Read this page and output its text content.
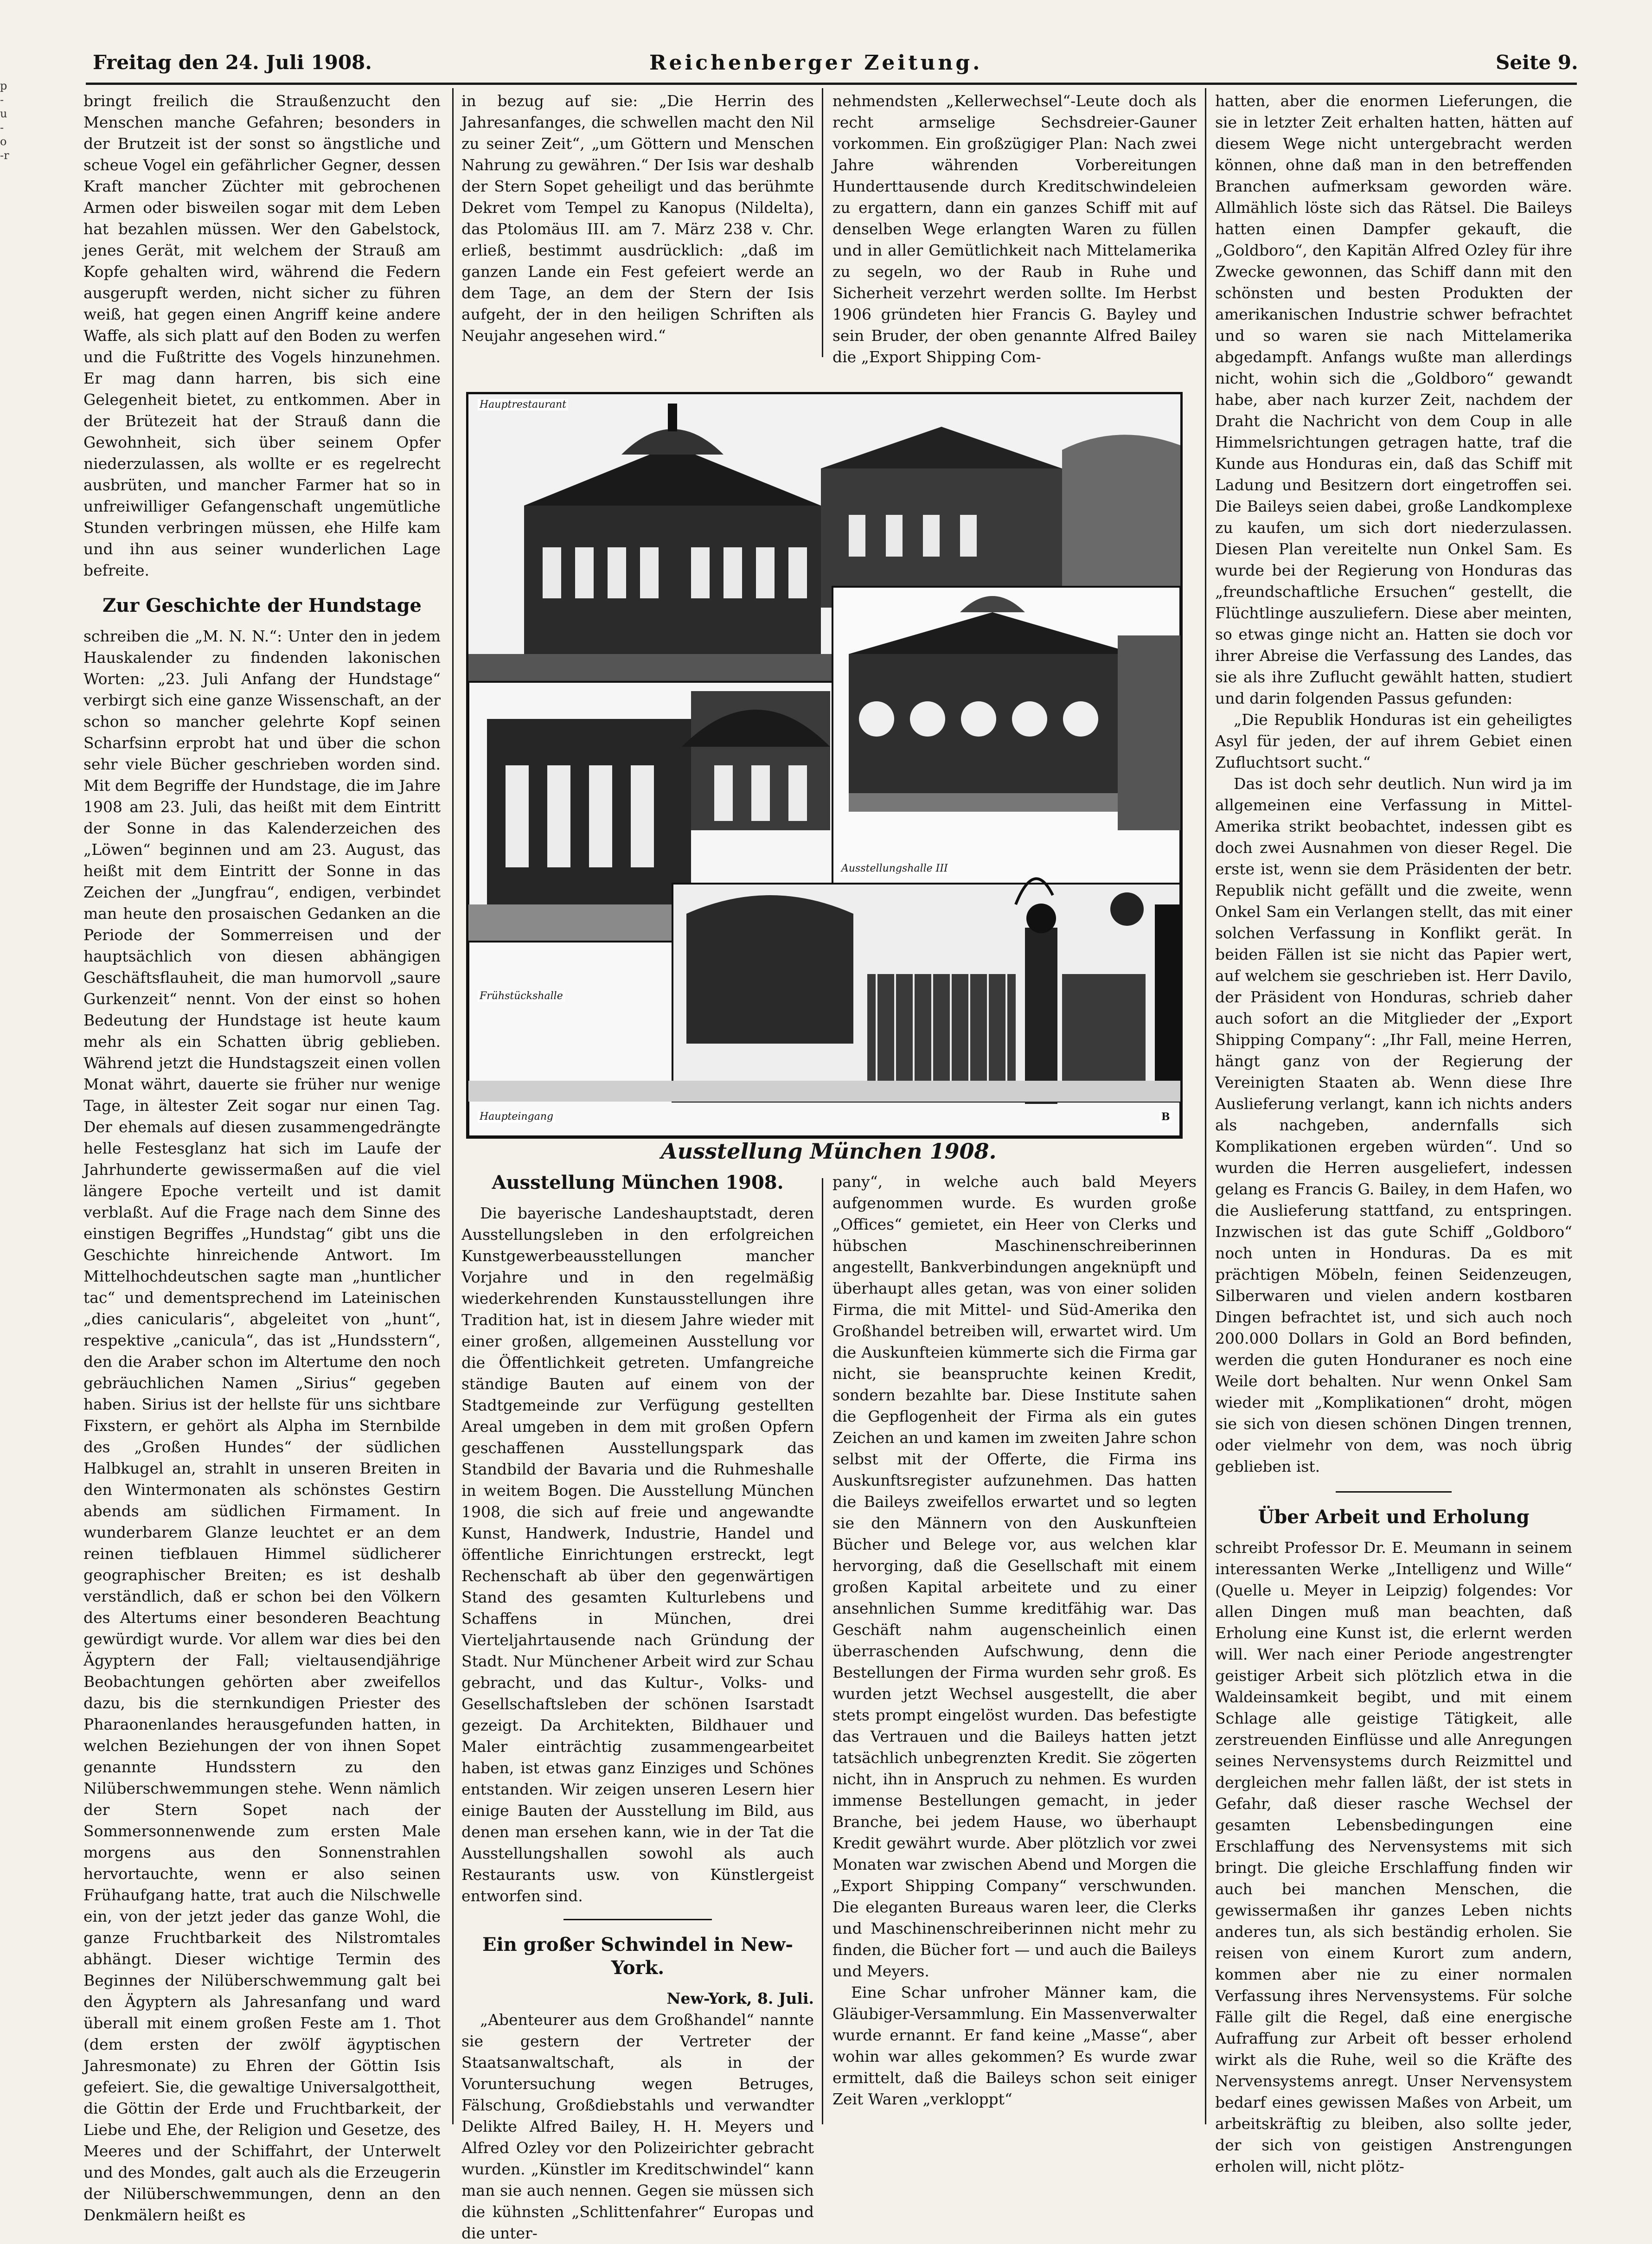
p-u-o-r
Freitag den 24. Juli 1908.	Reichenberger Zeitung.	Seite 9.

bringt freilich die Straußenzucht den Menschen manche Gefahren; besonders in der Brutzeit ist der sonst so ängstliche und scheue Vogel ein gefährlicher Gegner, dessen Kraft mancher Züchter mit gebrochenen Armen oder bisweilen sogar mit dem Leben hat bezahlen müssen. Wer den Gabelstock, jenes Gerät, mit welchem der Strauß am Kopfe gehalten wird, während die Federn ausgerupft werden, nicht sicher zu führen weiß, hat gegen einen Angriff keine andere Waffe, als sich platt auf den Boden zu werfen und die Fußtritte des Vogels hinzunehmen. Er mag dann harren, bis sich eine Gelegenheit bietet, zu entkommen. Aber in der Brütezeit hat der Strauß dann die Gewohnheit, sich über seinem Opfer niederzulassen, als wollte er es regelrecht ausbrüten, und mancher Farmer hat so in unfreiwilliger Gefangenschaft ungemütliche Stunden verbringen müssen, ehe Hilfe kam und ihn aus seiner wunderlichen Lage befreite.

Zur Geschichte der Hundstage

schreiben die „M. N. N.“: Unter den in jedem Hauskalender zu findenden lakonischen Worten: „23. Juli Anfang der Hundstage“ verbirgt sich eine ganze Wissenschaft, an der schon so mancher gelehrte Kopf seinen Scharfsinn erprobt hat und über die schon sehr viele Bücher geschrieben worden sind. Mit dem Begriffe der Hundstage, die im Jahre 1908 am 23. Juli, das heißt mit dem Eintritt der Sonne in das Kalenderzeichen des „Löwen“ beginnen und am 23. August, das heißt mit dem Eintritt der Sonne in das Zeichen der „Jungfrau“, endigen, verbindet man heute den prosaischen Gedanken an die Periode der Sommerreisen und der hauptsächlich von diesen abhängigen Geschäftsflauheit, die man humorvoll „saure Gurkenzeit“ nennt. Von der einst so hohen Bedeutung der Hundstage ist heute kaum mehr als ein Schatten übrig geblieben. Während jetzt die Hundstagszeit einen vollen Monat währt, dauerte sie früher nur wenige Tage, in ältester Zeit sogar nur einen Tag. Der ehemals auf diesen zusammengedrängte helle Festesglanz hat sich im Laufe der Jahrhunderte gewissermaßen auf die viel längere Epoche verteilt und ist damit verblaßt. Auf die Frage nach dem Sinne des einstigen Begriffes „Hundstag“ gibt uns die Geschichte hinreichende Antwort. Im Mittelhochdeutschen sagte man „huntlicher tac“ und dementsprechend im Lateinischen „dies canicularis“, abgeleitet von „hunt“, respektive „canicula“, das ist „Hundsstern“, den die Araber schon im Altertume den noch gebräuchlichen Namen „Sirius“ gegeben haben. Sirius ist der hellste für uns sichtbare Fixstern, er gehört als Alpha im Sternbilde des „Großen Hundes“ der südlichen Halbkugel an, strahlt in unseren Breiten in den Wintermonaten als schönstes Gestirn abends am südlichen Firmament. In wunderbarem Glanze leuchtet er an dem reinen tiefblauen Himmel südlicherer geographischer Breiten; es ist deshalb verständlich, daß er schon bei den Völkern des Altertums einer besonderen Beachtung gewürdigt wurde. Vor allem war dies bei den Ägyptern der Fall; vieltausendjährige Beobachtungen gehörten aber zweifellos dazu, bis die sternkundigen Priester des Pharaonenlandes herausgefunden hatten, in welchen Beziehungen der von ihnen Sopet genannte Hundsstern zu den Nilüberschwemmungen stehe. Wenn nämlich der Stern Sopet nach der Sommersonnenwende zum ersten Male morgens aus den Sonnenstrahlen hervortauchte, wenn er also seinen Frühaufgang hatte, trat auch die Nilschwelle ein, von der jetzt jeder das ganze Wohl, die ganze Fruchtbarkeit des Nilstromtales abhängt. Dieser wichtige Termin des Beginnes der Nilüberschwemmung galt bei den Ägyptern als Jahresanfang und ward überall mit einem großen Feste am 1. Thot (dem ersten der zwölf ägyptischen Jahresmonate) zu Ehren der Göttin Isis gefeiert. Sie, die gewaltige Universalgottheit, die Göttin der Erde und Fruchtbarkeit, der Liebe und Ehe, der Religion und Gesetze, des Meeres und der Schiffahrt, der Unterwelt und des Mondes, galt auch als die Erzeugerin der Nilüberschwemmungen, denn an den Denkmälern heißt es

in bezug auf sie: „Die Herrin des Jahresanfanges, die schwellen macht den Nil zu seiner Zeit“, „um Göttern und Menschen Nahrung zu gewähren.“ Der Isis war deshalb der Stern Sopet geheiligt und das berühmte Dekret vom Tempel zu Kanopus (Nildelta), das Ptolomäus III. am 7. März 238 v. Chr. erließ, bestimmt ausdrücklich: „daß im ganzen Lande ein Fest gefeiert werde an dem Tage, an dem der Stern der Isis aufgeht, der in den heiligen Schriften als Neujahr angesehen wird.“

nehmendsten „Kellerwechsel“-Leute doch als recht armselige Sechsdreier-Gauner vorkommen. Ein großzügiger Plan: Nach zwei Jahre währenden Vorbereitungen Hunderttausende durch Kreditschwindeleien zu ergattern, dann ein ganzes Schiff mit auf denselben Wege erlangten Waren zu füllen und in aller Gemütlichkeit nach Mittelamerika zu segeln, wo der Raub in Ruhe und Sicherheit verzehrt werden sollte. Im Herbst 1906 gründeten hier Francis G. Bayley und sein Bruder, der oben genannte Alfred Bailey die „Export Shipping Com-

Hauptrestaurant
Ausstellungshalle III
Frühstückshalle
Haupteingang	B
Ausstellung München 1908.
Ausstellung München 1908.

Die bayerische Landeshauptstadt, deren Ausstellungsleben in den erfolgreichen Kunstgewerbeausstellungen mancher Vorjahre und in den regelmäßig wiederkehrenden Kunstausstellungen ihre Tradition hat, ist in diesem Jahre wieder mit einer großen, allgemeinen Ausstellung vor die Öffentlichkeit getreten. Umfangreiche ständige Bauten auf einem von der Stadtgemeinde zur Verfügung gestellten Areal umgeben in dem mit großen Opfern geschaffenen Ausstellungspark das Standbild der Bavaria und die Ruhmeshalle in weitem Bogen. Die Ausstellung München 1908, die sich auf freie und angewandte Kunst, Handwerk, Industrie, Handel und öffentliche Einrichtungen erstreckt, legt Rechenschaft ab über den gegenwärtigen Stand des gesamten Kulturlebens und Schaffens in München, drei Vierteljahrtausende nach Gründung der Stadt. Nur Münchener Arbeit wird zur Schau gebracht, und das Kultur-, Volks- und Gesellschaftsleben der schönen Isarstadt gezeigt. Da Architekten, Bildhauer und Maler einträchtig zusammengearbeitet haben, ist etwas ganz Einziges und Schönes entstanden. Wir zeigen unseren Lesern hier einige Bauten der Ausstellung im Bild, aus denen man ersehen kann, wie in der Tat die Ausstellungshallen sowohl als auch Restaurants usw. von Künstlergeist entworfen sind.

Ein großer Schwindel in New-York.

New-York, 8. Juli.

„Abenteurer aus dem Großhandel“ nannte sie gestern der Vertreter der Staatsanwaltschaft, als in der Voruntersuchung wegen Betruges, Fälschung, Großdiebstahls und verwandter Delikte Alfred Bailey, H. H. Meyers und Alfred Ozley vor den Polizeirichter gebracht wurden. „Künstler im Kreditschwindel“ kann man sie auch nennen. Gegen sie müssen sich die kühnsten „Schlittenfahrer“ Europas und die unter-

pany“, in welche auch bald Meyers aufgenommen wurde. Es wurden große „Offices“ gemietet, ein Heer von Clerks und hübschen Maschinenschreiberinnen angestellt, Bankverbindungen angeknüpft und überhaupt alles getan, was von einer soliden Firma, die mit Mittel- und Süd-Amerika den Großhandel betreiben will, erwartet wird. Um die Auskunfteien kümmerte sich die Firma gar nicht, sie beanspruchte keinen Kredit, sondern bezahlte bar. Diese Institute sahen die Gepflogenheit der Firma als ein gutes Zeichen an und kamen im zweiten Jahre schon selbst mit der Offerte, die Firma ins Auskunftsregister aufzunehmen. Das hatten die Baileys zweifellos erwartet und so legten sie den Männern von den Auskunfteien Bücher und Belege vor, aus welchen klar hervorging, daß die Gesellschaft mit einem großen Kapital arbeitete und zu einer ansehnlichen Summe kreditfähig war. Das Geschäft nahm augenscheinlich einen überraschenden Aufschwung, denn die Bestellungen der Firma wurden sehr groß. Es wurden jetzt Wechsel ausgestellt, die aber stets prompt eingelöst wurden. Das befestigte das Vertrauen und die Baileys hatten jetzt tatsächlich unbegrenzten Kredit. Sie zögerten nicht, ihn in Anspruch zu nehmen. Es wurden immense Bestellungen gemacht, in jeder Branche, bei jedem Hause, wo überhaupt Kredit gewährt wurde. Aber plötzlich vor zwei Monaten war zwischen Abend und Morgen die „Export Shipping Company“ verschwunden. Die eleganten Bureaus waren leer, die Clerks und Maschinenschreiberinnen nicht mehr zu finden, die Bücher fort — und auch die Baileys und Meyers.

Eine Schar unfroher Männer kam, die Gläubiger-Versammlung. Ein Massenverwalter wurde ernannt. Er fand keine „Masse“, aber wohin war alles gekommen? Es wurde zwar ermittelt, daß die Baileys schon seit einiger Zeit Waren „verkloppt“

hatten, aber die enormen Lieferungen, die sie in letzter Zeit erhalten hatten, hätten auf diesem Wege nicht untergebracht werden können, ohne daß man in den betreffenden Branchen aufmerksam geworden wäre. Allmählich löste sich das Rätsel. Die Baileys hatten einen Dampfer gekauft, die „Goldboro“, den Kapitän Alfred Ozley für ihre Zwecke gewonnen, das Schiff dann mit den schönsten und besten Produkten der amerikanischen Industrie schwer befrachtet und so waren sie nach Mittelamerika abgedampft. Anfangs wußte man allerdings nicht, wohin sich die „Goldboro“ gewandt habe, aber nach kurzer Zeit, nachdem der Draht die Nachricht von dem Coup in alle Himmelsrichtungen getragen hatte, traf die Kunde aus Honduras ein, daß das Schiff mit Ladung und Besitzern dort eingetroffen sei. Die Baileys seien dabei, große Landkomplexe zu kaufen, um sich dort niederzulassen. Diesen Plan vereitelte nun Onkel Sam. Es wurde bei der Regierung von Honduras das „freundschaftliche Ersuchen“ gestellt, die Flüchtlinge auszuliefern. Diese aber meinten, so etwas ginge nicht an. Hatten sie doch vor ihrer Abreise die Verfassung des Landes, das sie als ihre Zuflucht gewählt hatten, studiert und darin folgenden Passus gefunden:

„Die Republik Honduras ist ein geheiligtes Asyl für jeden, der auf ihrem Gebiet einen Zufluchtsort sucht.“

Das ist doch sehr deutlich. Nun wird ja im allgemeinen eine Verfassung in Mittel-Amerika strikt beobachtet, indessen gibt es doch zwei Ausnahmen von dieser Regel. Die erste ist, wenn sie dem Präsidenten der betr. Republik nicht gefällt und die zweite, wenn Onkel Sam ein Verlangen stellt, das mit einer solchen Verfassung in Konflikt gerät. In beiden Fällen ist sie nicht das Papier wert, auf welchem sie geschrieben ist. Herr Davilo, der Präsident von Honduras, schrieb daher auch sofort an die Mitglieder der „Export Shipping Company“: „Ihr Fall, meine Herren, hängt ganz von der Regierung der Vereinigten Staaten ab. Wenn diese Ihre Auslieferung verlangt, kann ich nichts anders als nachgeben, andernfalls sich Komplikationen ergeben würden“. Und so wurden die Herren ausgeliefert, indessen gelang es Francis G. Bailey, in dem Hafen, wo die Auslieferung stattfand, zu entspringen. Inzwischen ist das gute Schiff „Goldboro“ noch unten in Honduras. Da es mit prächtigen Möbeln, feinen Seidenzeugen, Silberwaren und vielen andern kostbaren Dingen befrachtet ist, und sich auch noch 200.000 Dollars in Gold an Bord befinden, werden die guten Honduraner es noch eine Weile dort behalten. Nur wenn Onkel Sam wieder mit „Komplikationen“ droht, mögen sie sich von diesen schönen Dingen trennen, oder vielmehr von dem, was noch übrig geblieben ist.

Über Arbeit und Erholung

schreibt Professor Dr. E. Meumann in seinem interessanten Werke „Intelligenz und Wille“ (Quelle u. Meyer in Leipzig) folgendes: Vor allen Dingen muß man beachten, daß Erholung eine Kunst ist, die erlernt werden will. Wer nach einer Periode angestrengter geistiger Arbeit sich plötzlich etwa in die Waldeinsamkeit begibt, und mit einem Schlage alle geistige Tätigkeit, alle zerstreuenden Einflüsse und alle Anregungen seines Nervensystems durch Reizmittel und dergleichen mehr fallen läßt, der ist stets in Gefahr, daß dieser rasche Wechsel der gesamten Lebensbedingungen eine Erschlaffung des Nervensystems mit sich bringt. Die gleiche Erschlaffung finden wir auch bei manchen Menschen, die gewissermaßen ihr ganzes Leben nichts anderes tun, als sich beständig erholen. Sie reisen von einem Kurort zum andern, kommen aber nie zu einer normalen Verfassung ihres Nervensystems. Für solche Fälle gilt die Regel, daß eine energische Aufraffung zur Arbeit oft besser erholend wirkt als die Ruhe, weil so die Kräfte des Nervensystems anregt. Unser Nervensystem bedarf eines gewissen Maßes von Arbeit, um arbeitskräftig zu bleiben, also sollte jeder, der sich von geistigen Anstrengungen erholen will, nicht plötz-
